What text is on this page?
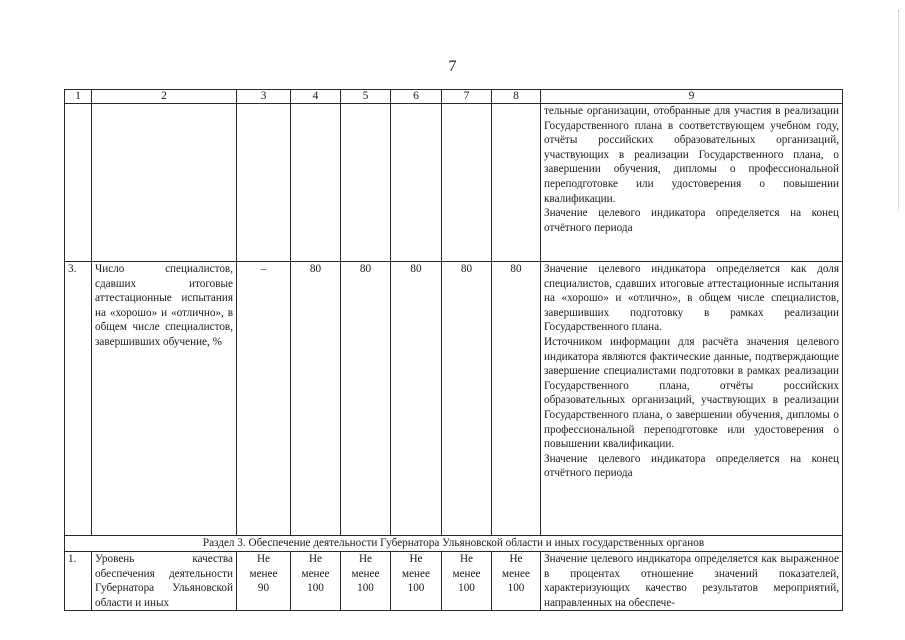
7
1	2	3	4	5	6	7	8	9
								тельные организации, отобранные для участия в реализации Государственного плана в соответствующем учебном году, отчёты российских образовательных организаций, участвующих в реализации Государственного плана, о завершении обучения, дипломы о профессиональной переподготовке или удостоверения о повышении квалификации.
Значение целевого индикатора определяется на конец отчётного периода
3.	Число специалистов, сдавших итоговые аттестационные испытания на «хорошо» и «отлично», в общем числе специалистов, завершивших обучение, %	–	80	80	80	80	80	Значение целевого индикатора определяется как доля специалистов, сдавших итоговые аттестационные испытания на «хорошо» и «отлично», в общем числе специалистов, завершивших подготовку в рамках реализации Государственного плана.
Источником информации для расчёта значения целевого индикатора являются фактические данные, подтверждающие завершение специалистами подготовки в рамках реализации Государственного плана, отчёты российских образовательных организаций, участвующих в реализации Государственного плана, о завершении обучения, дипломы о профессиональной переподготовке или удостоверения о повышении квалификации.
Значение целевого индикатора определяется на конец отчётного периода
Раздел 3. Обеспечение деятельности Губернатора Ульяновской области и иных государственных органов								
1.	Уровень качества обеспечения деятельности Губернатора Ульяновской области и иных	Не
менее
90	Не
менее
100	Не
менее
100	Не
менее
100	Не
менее
100	Не
менее
100	Значение целевого индикатора определяется как выраженное в процентах отношение значений показателей, характеризующих качество результатов мероприятий, направленных на обеспече-
